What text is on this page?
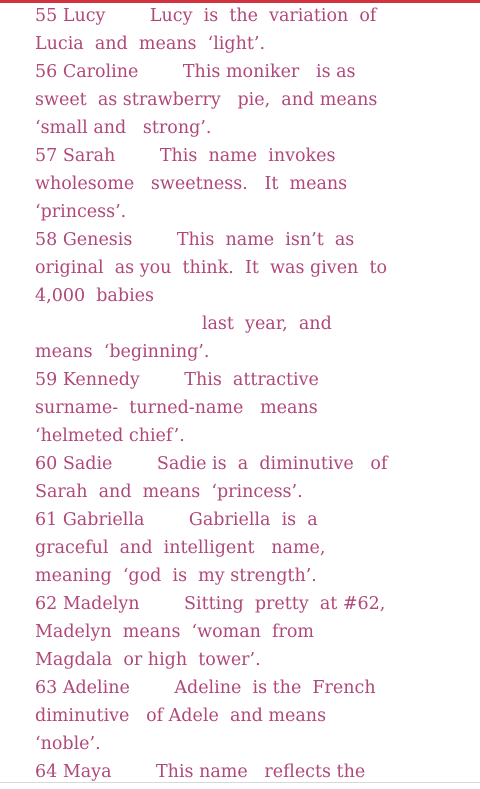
55 Lucy        Lucy  is  the  variation  of
Lucia  and  means  ‘light’.
56 Caroline        This moniker   is as
sweet  as strawberry   pie,  and means
‘small and   strong’.
57 Sarah        This  name  invokes
wholesome   sweetness.   It  means
‘princess’.
58 Genesis        This  name  isn’t  as
original  as you  think.  It  was given  to
4,000  babies
last  year,  and
means  ‘beginning’.
59 Kennedy        This  attractive
surname-  turned-name   means
‘helmeted chief’.
60 Sadie        Sadie is  a  diminutive   of
Sarah  and  means  ‘princess’.
61 Gabriella        Gabriella  is  a
graceful  and  intelligent   name,
meaning  ‘god  is  my strength’.
62 Madelyn        Sitting  pretty  at #62,
Madelyn  means  ‘woman  from
Magdala  or high  tower’.
63 Adeline        Adeline  is the  French
diminutive   of Adele  and means
‘noble’.
64 Maya        This name   reflects the
